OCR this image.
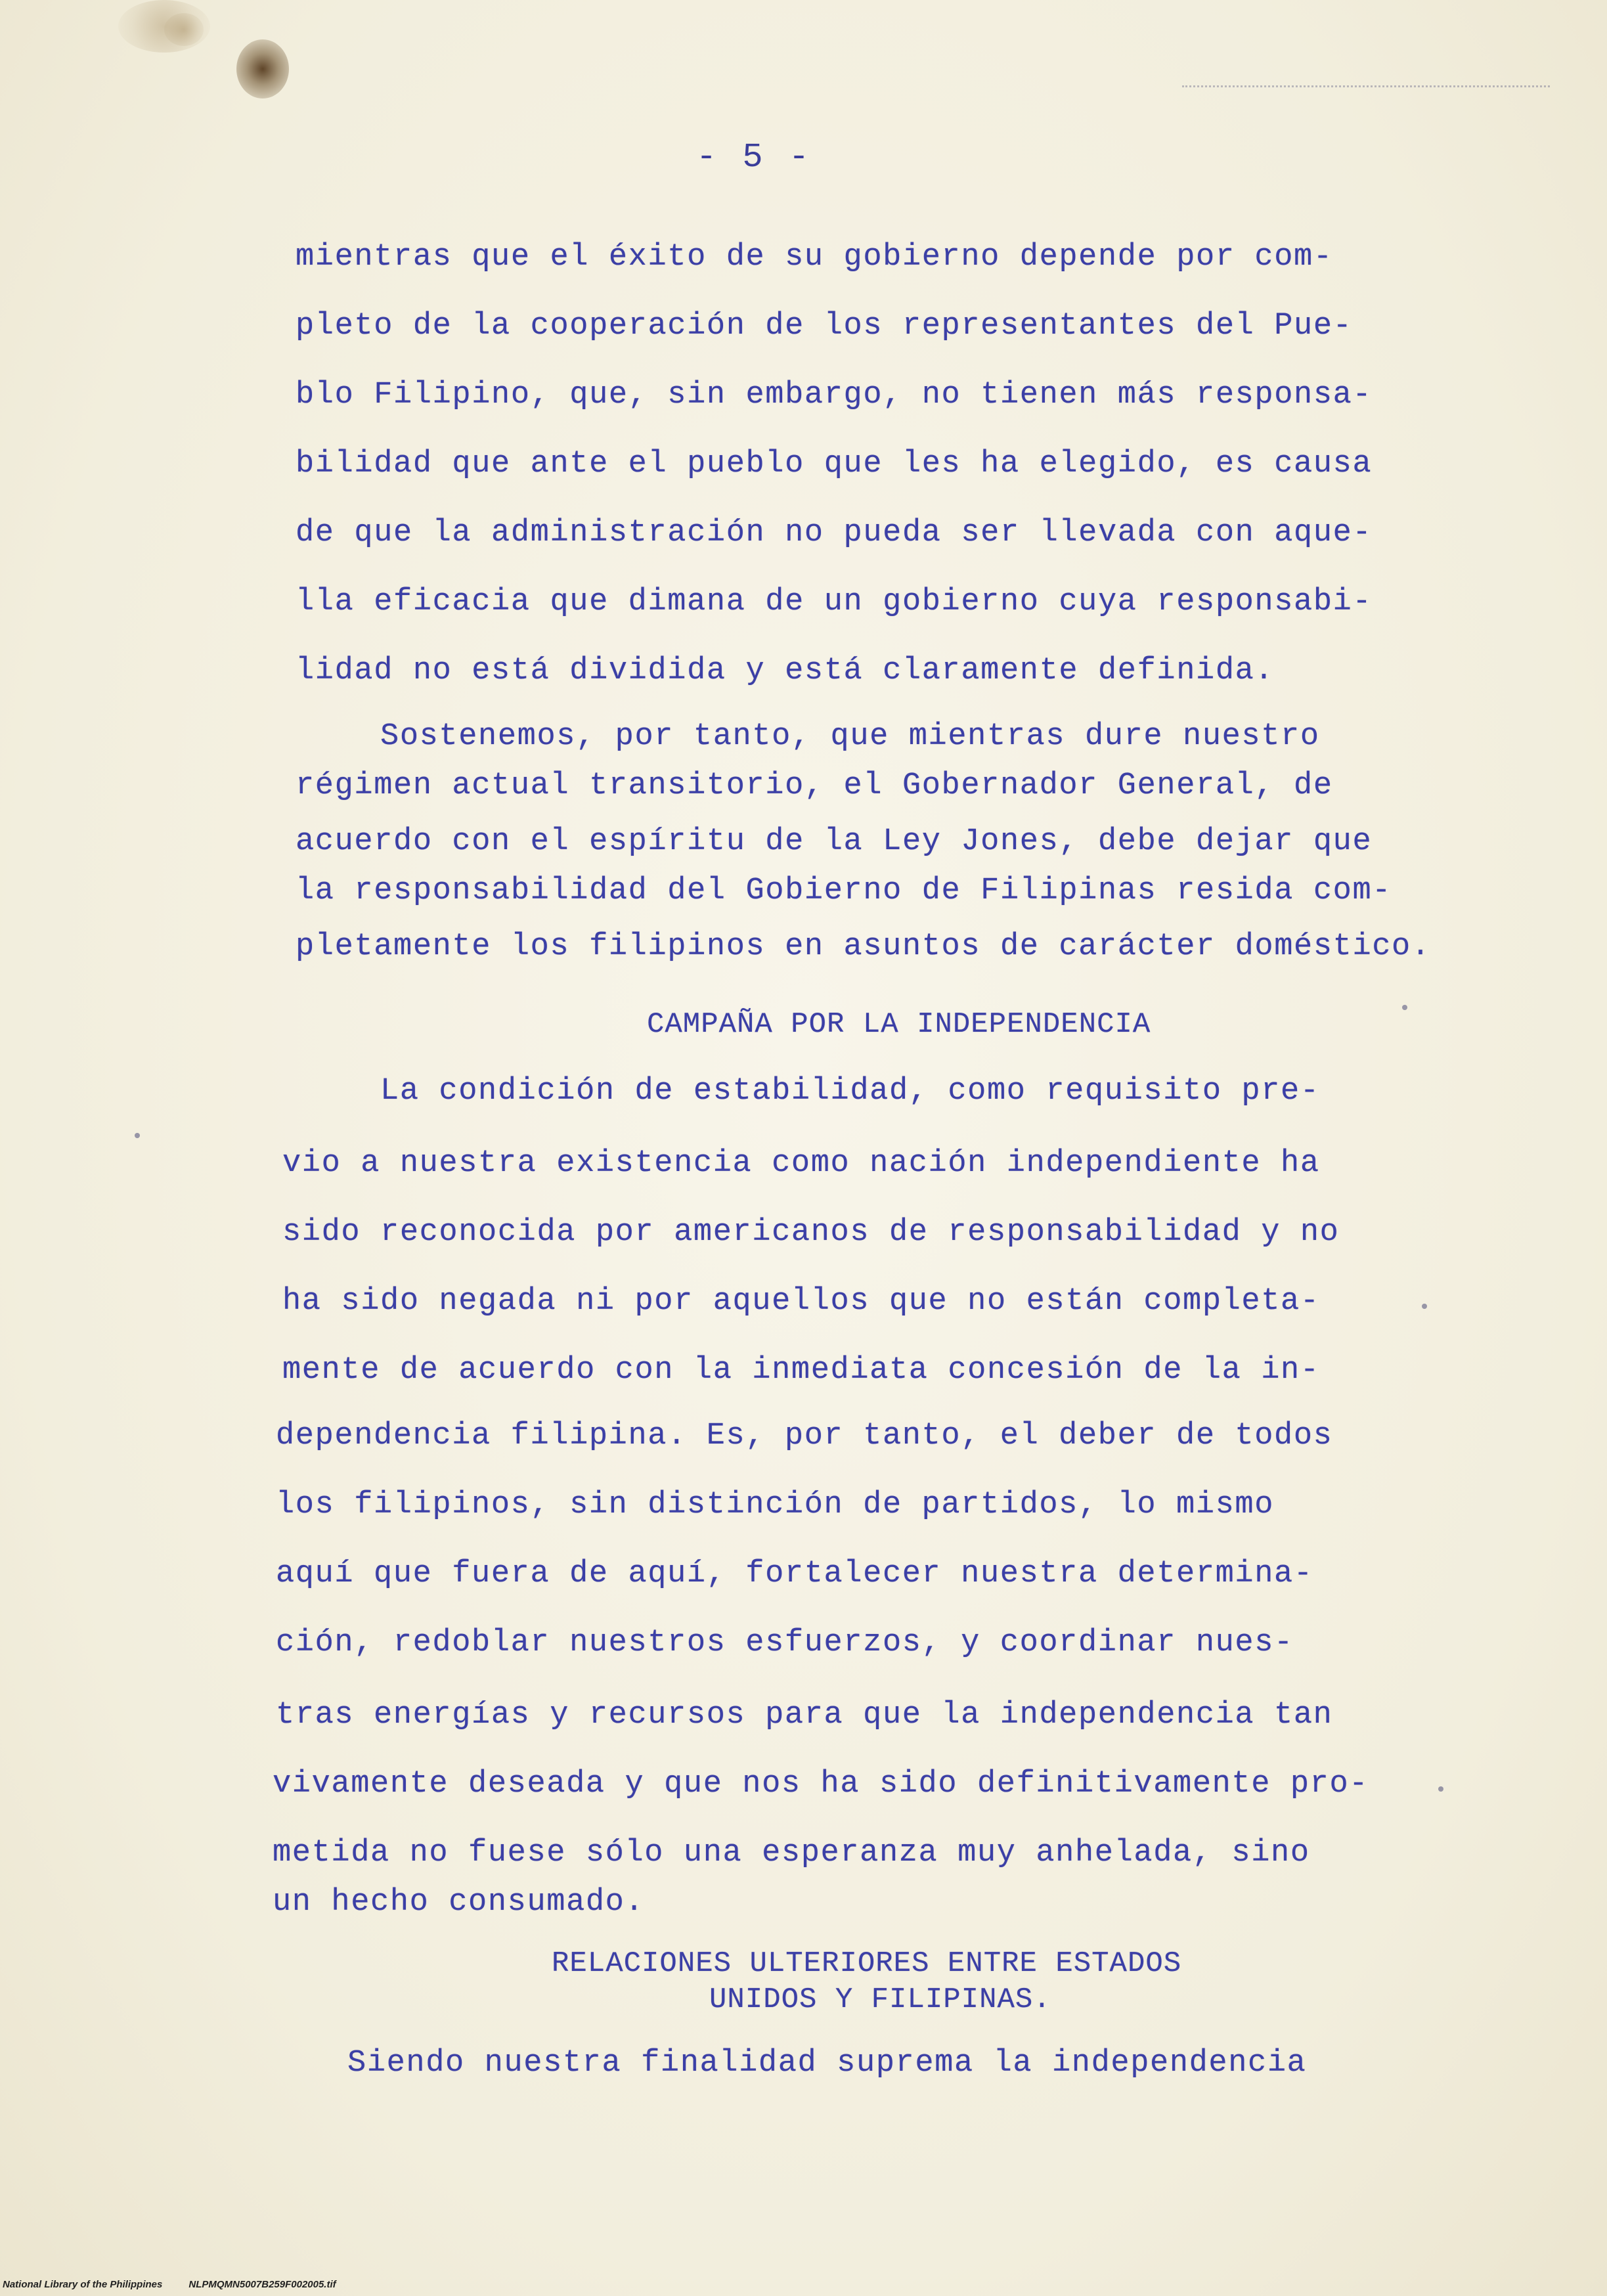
- 5 -
mientras que el éxito de su gobierno depende por com-
pleto de la cooperación de los representantes del Pue-
blo Filipino, que, sin embargo, no tienen más responsa-
bilidad que ante el pueblo que les ha elegido, es causa
de que la administración no pueda ser llevada con aque-
lla eficacia que dimana de un gobierno cuya responsabi-
lidad no está dividida y está claramente definida.
Sostenemos, por tanto, que mientras dure nuestro
régimen actual transitorio, el Gobernador General, de
acuerdo con el espíritu de la Ley Jones, debe dejar que
la responsabilidad del Gobierno de Filipinas resida com-
pletamente los filipinos en asuntos de carácter doméstico.
CAMPAÑA POR LA INDEPENDENCIA
La condición de estabilidad, como requisito pre-
vio a nuestra existencia como nación independiente ha
sido reconocida por americanos de responsabilidad y no
ha sido negada ni por aquellos que no están completa-
mente de acuerdo con la inmediata concesión de la in-
dependencia filipina. Es, por tanto, el deber de todos
los filipinos, sin distinción de partidos, lo mismo
aquí que fuera de aquí, fortalecer nuestra determina-
ción, redoblar nuestros esfuerzos, y coordinar nues-
tras energías y recursos para que la independencia tan
vivamente deseada y que nos ha sido definitivamente pro-
metida no fuese sólo una esperanza muy anhelada, sino
un hecho consumado.
RELACIONES ULTERIORES ENTRE ESTADOS
UNIDOS Y FILIPINAS.
Siendo nuestra finalidad suprema la independencia
National Library of the Philippines	NLPMQMN5007B259F002005.tif
